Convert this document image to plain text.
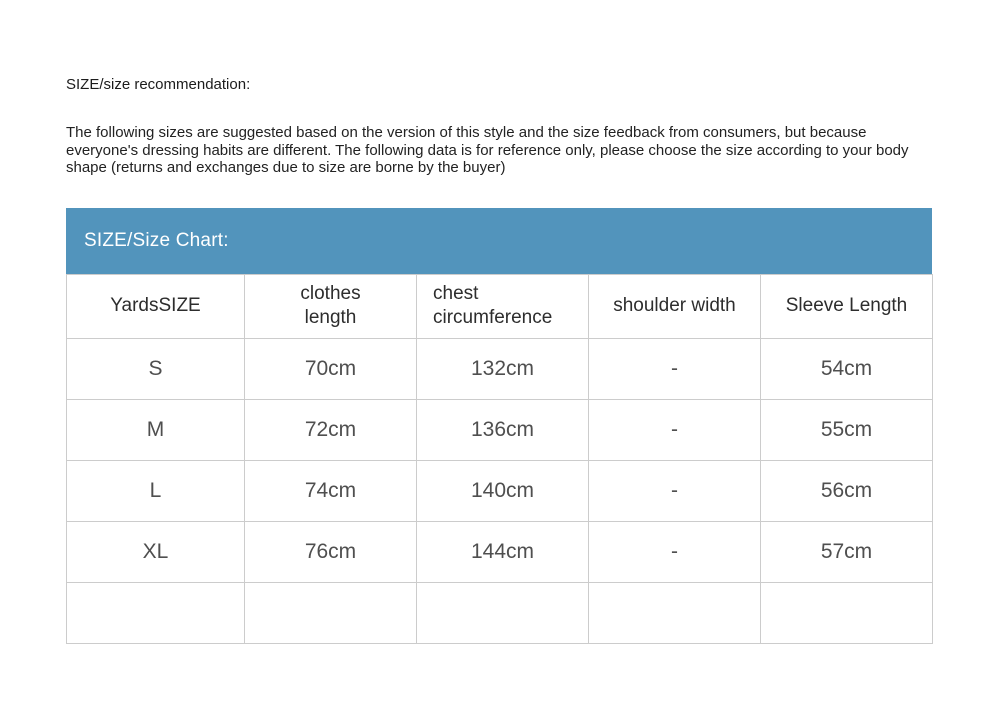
SIZE/size recommendation:

The following sizes are suggested based on the version of this style and the size feedback from consumers, but because everyone's dressing habits are different. The following data is for reference only, please choose the size according to your body shape (returns and exchanges due to size are borne by the buyer)

SIZE/Size Chart:
YardsSIZE	clothes length	chest circumference	shoulder width	Sleeve Length
S	70cm	132cm	-	54cm
M	72cm	136cm	-	55cm
L	74cm	140cm	-	56cm
XL	76cm	144cm	-	57cm
